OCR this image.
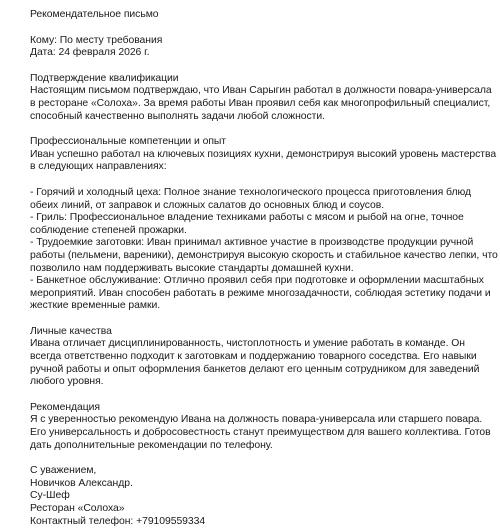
Рекомендательное письмо
Кому: По месту требования
Дата: 24 февраля 2026 г.
Подтверждение квалификации
Настоящим письмом подтверждаю, что Иван Сарыгин работал в должности повара-универсала
в ресторане «Солоха». За время работы Иван проявил себя как многопрофильный специалист,
способный качественно выполнять задачи любой сложности.
Профессиональные компетенции и опыт
Иван успешно работал на ключевых позициях кухни, демонстрируя высокий уровень мастерства
в следующих направлениях:
- Горячий и холодный цеха: Полное знание технологического процесса приготовления блюд
обеих линий, от заправок и сложных салатов до основных блюд и соусов.
- Гриль: Профессиональное владение техниками работы с мясом и рыбой на огне, точное
соблюдение степеней прожарки.
- Трудоемкие заготовки: Иван принимал активное участие в производстве продукции ручной
работы (пельмени, вареники), демонстрируя высокую скорость и стабильное качество лепки, что
позволило нам поддерживать высокие стандарты домашней кухни.
- Банкетное обслуживание: Отлично проявил себя при подготовке и оформлении масштабных
мероприятий. Иван способен работать в режиме многозадачности, соблюдая эстетику подачи и
жесткие временные рамки.
Личные качества
Ивана отличает дисциплинированность, чистоплотность и умение работать в команде. Он
всегда ответственно подходит к заготовкам и поддержанию товарного соседства. Его навыки
ручной работы и опыт оформления банкетов делают его ценным сотрудником для заведений
любого уровня.
Рекомендация
Я с уверенностью рекомендую Ивана на должность повара-универсала или старшего повара.
Его универсальность и добросовестность станут преимуществом для вашего коллектива. Готов
дать дополнительные рекомендации по телефону.
С уважением,
Новичков Александр.
Су-Шеф
Ресторан «Солоха»
Контактный телефон: +79109559334
